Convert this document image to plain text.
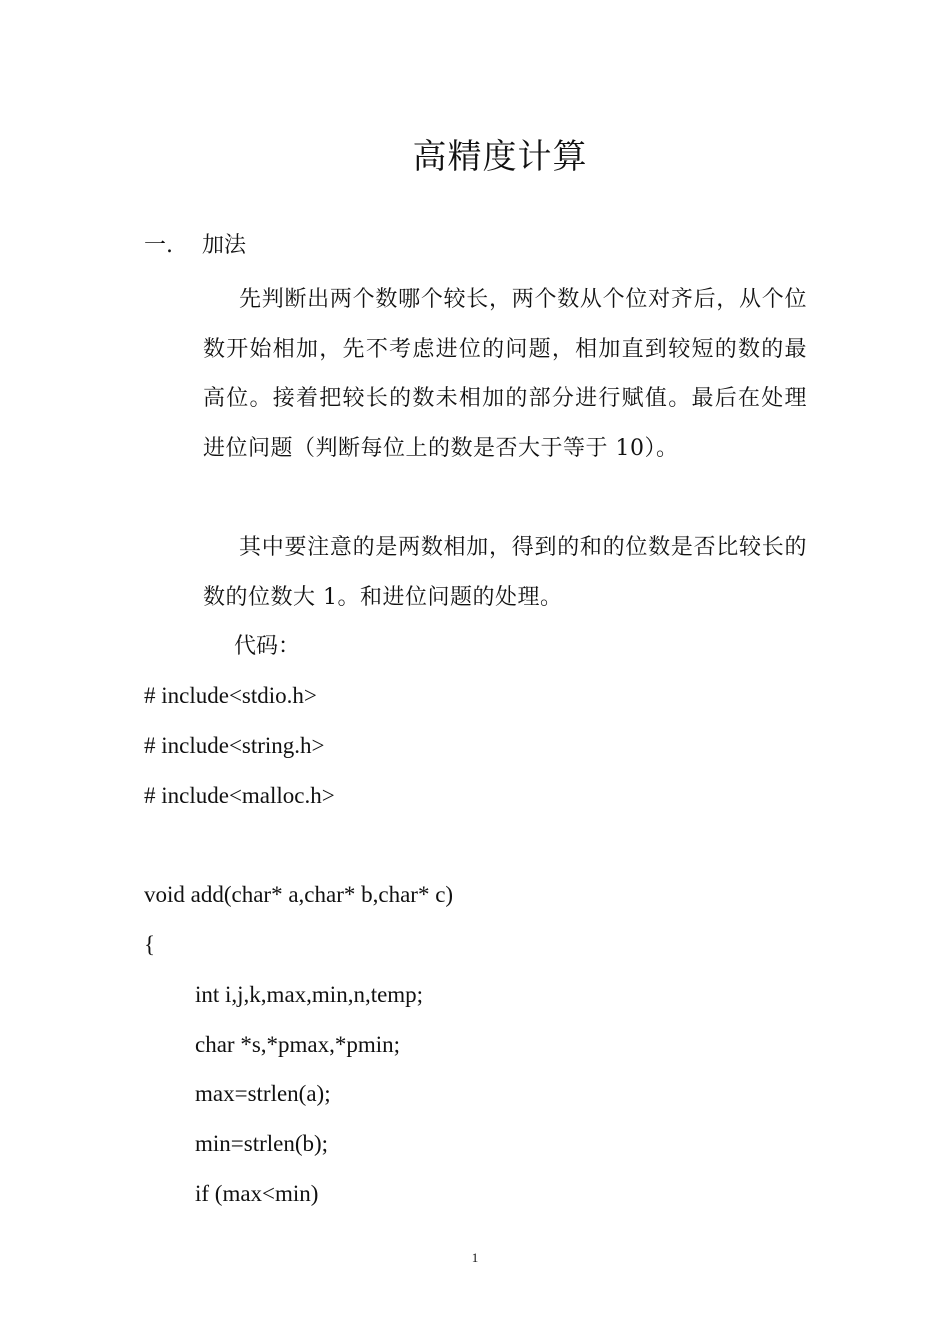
高精度计算
一. 加法
先判断出两个数哪个较长，两个数从个位对齐后，从个位数开始相加，先不考虑进位的问题，相加直到较短的数的最高位。接着把较长的数未相加的部分进行赋值。最后在处理进位问题（判断每位上的数是否大于等于 10）。
其中要注意的是两数相加，得到的和的位数是否比较长的数的位数大 1。和进位问题的处理。
代码：
# include<stdio.h>
# include<string.h>
# include<malloc.h>
void add(char* a,char* b,char* c)
{
int i,j,k,max,min,n,temp;
char *s,*pmax,*pmin;
max=strlen(a);
min=strlen(b);
if (max<min)
1
